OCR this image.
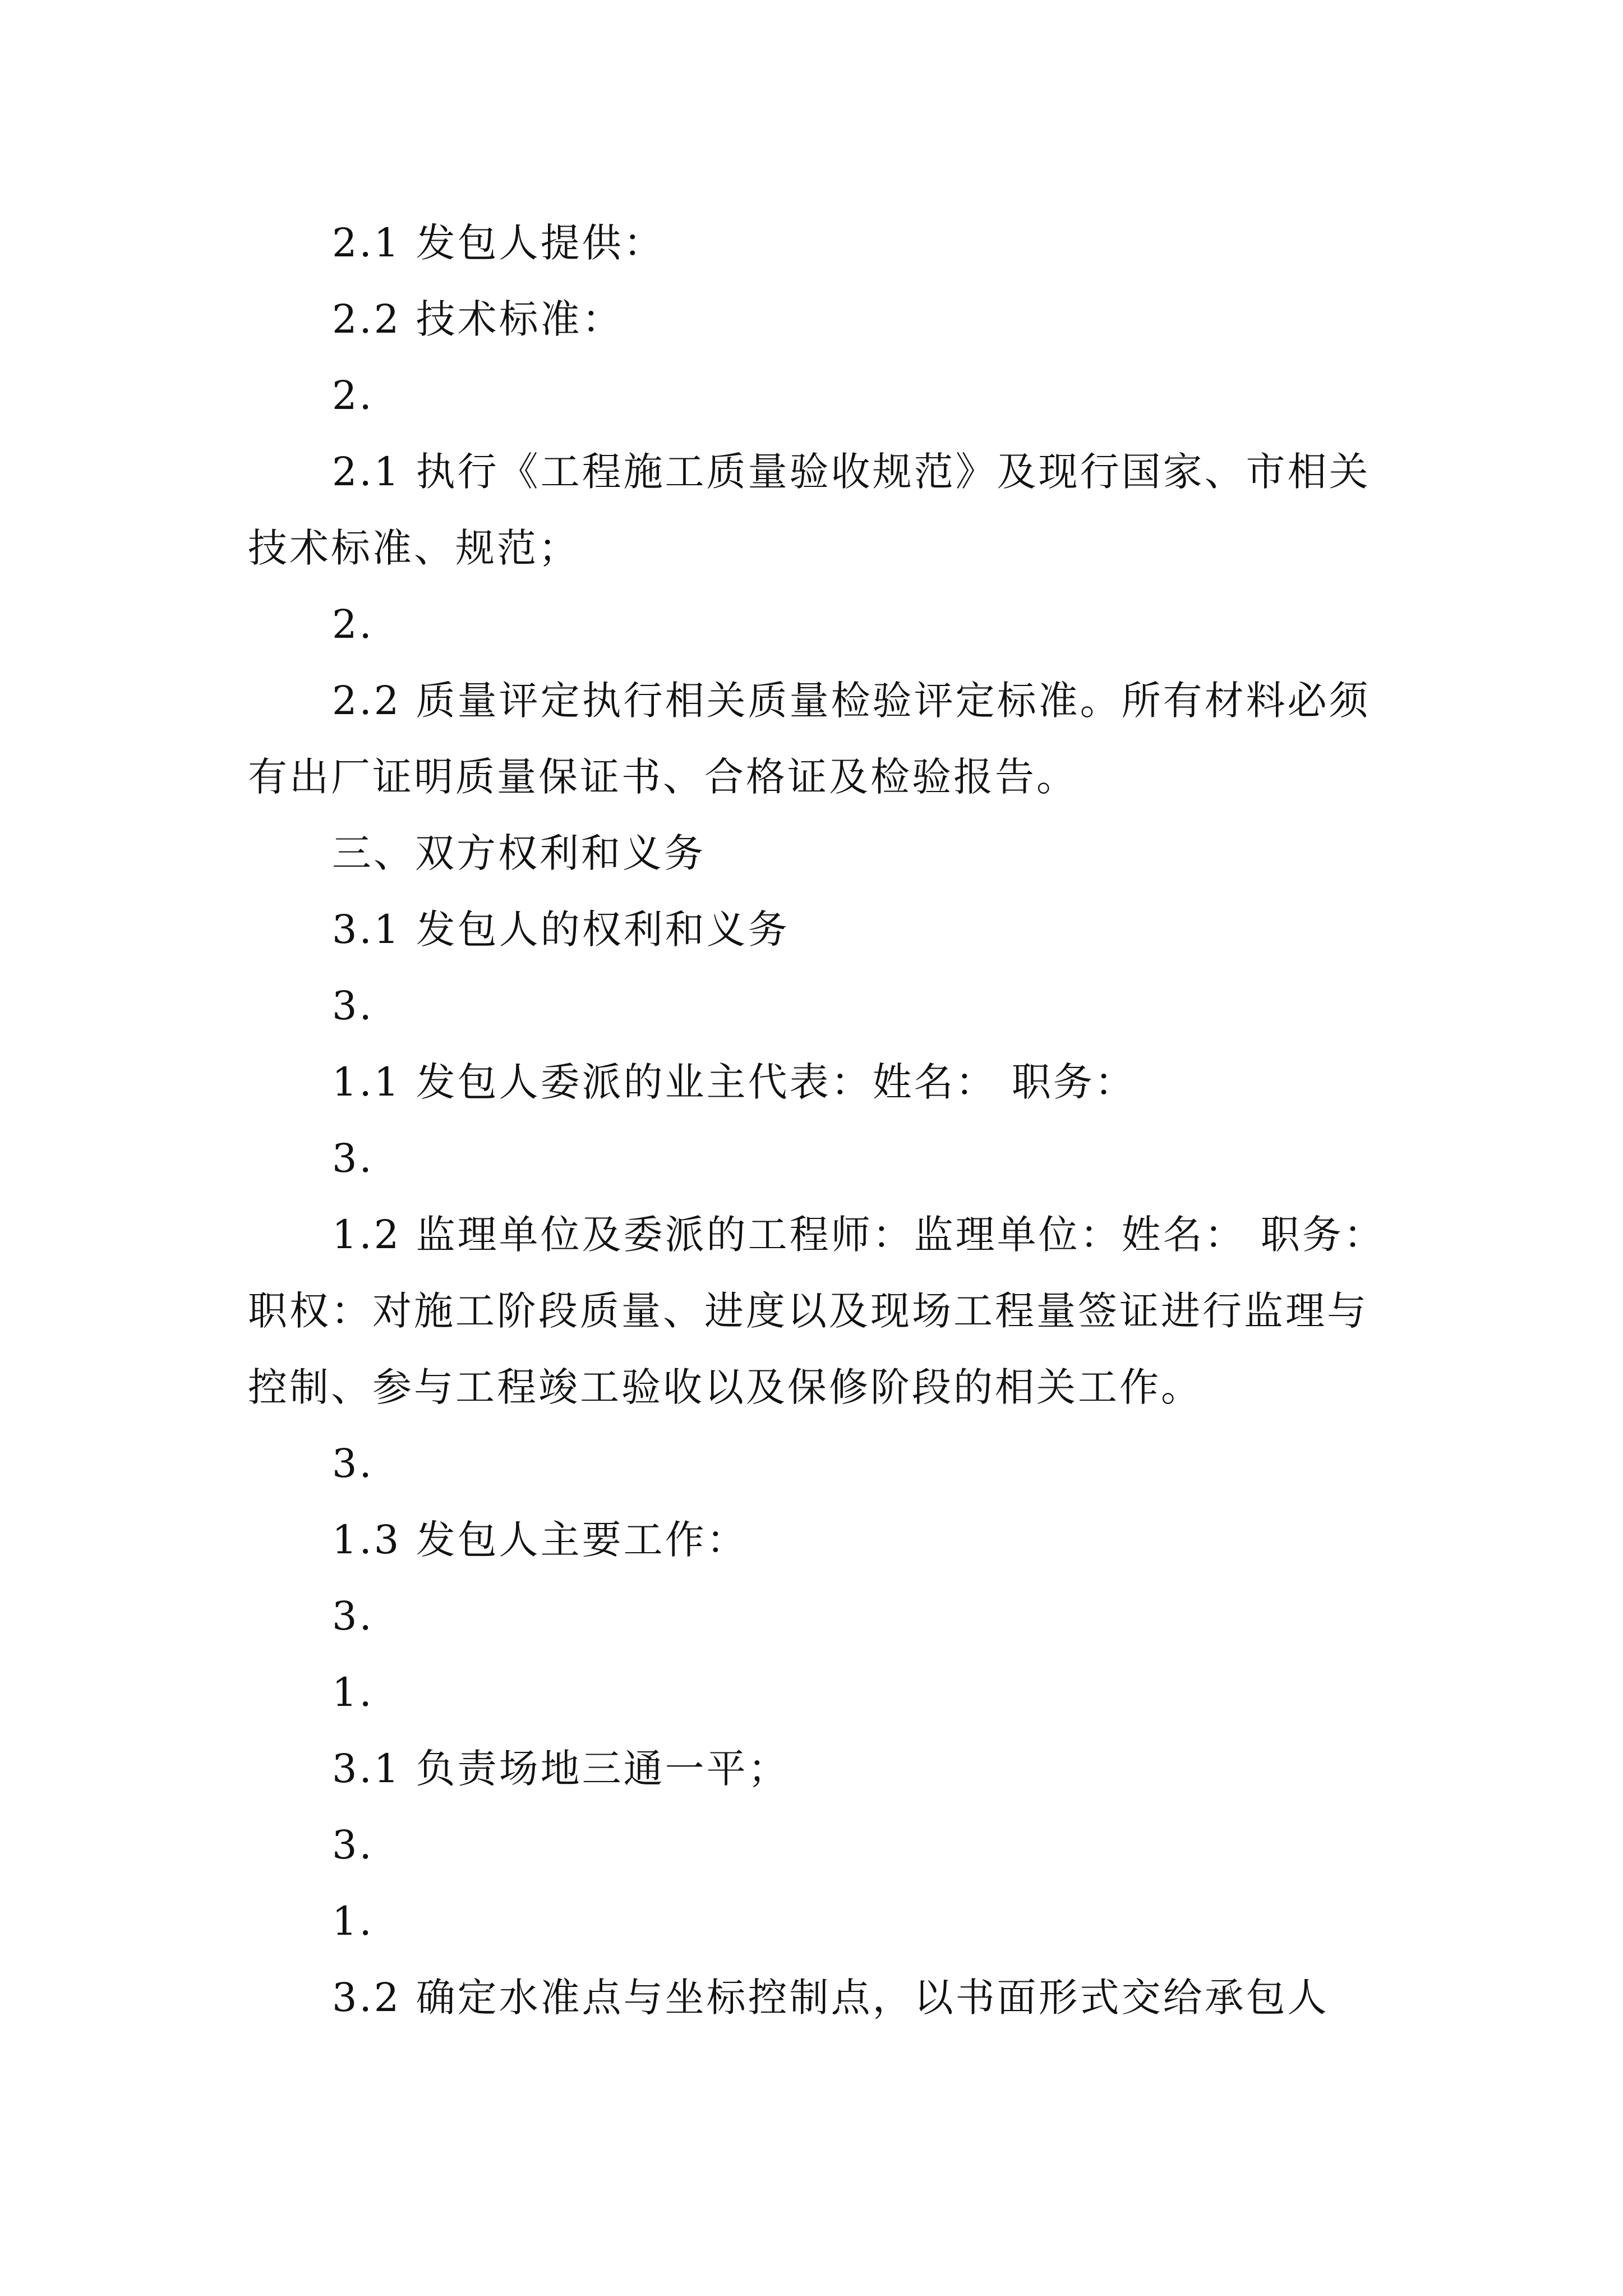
2.1 发包人提供：

2.2 技术标准：

2.

2.1 执行《工程施工质量验收规范》及现行国家、市相关技术标准、规范；

2.

2.2 质量评定执行相关质量检验评定标准。所有材料必须有出厂证明质量保证书、合格证及检验报告。

三、双方权利和义务

3.1 发包人的权利和义务

3.

1.1 发包人委派的业主代表：姓名： 职务：

3.

1.2 监理单位及委派的工程师：监理单位：姓名： 职务：职权：对施工阶段质量、进度以及现场工程量签证进行监理与控制、参与工程竣工验收以及保修阶段的相关工作。

3.

1.3 发包人主要工作：

3.

1.

3.1 负责场地三通一平；

3.

1.

3.2 确定水准点与坐标控制点，以书面形式交给承包人
